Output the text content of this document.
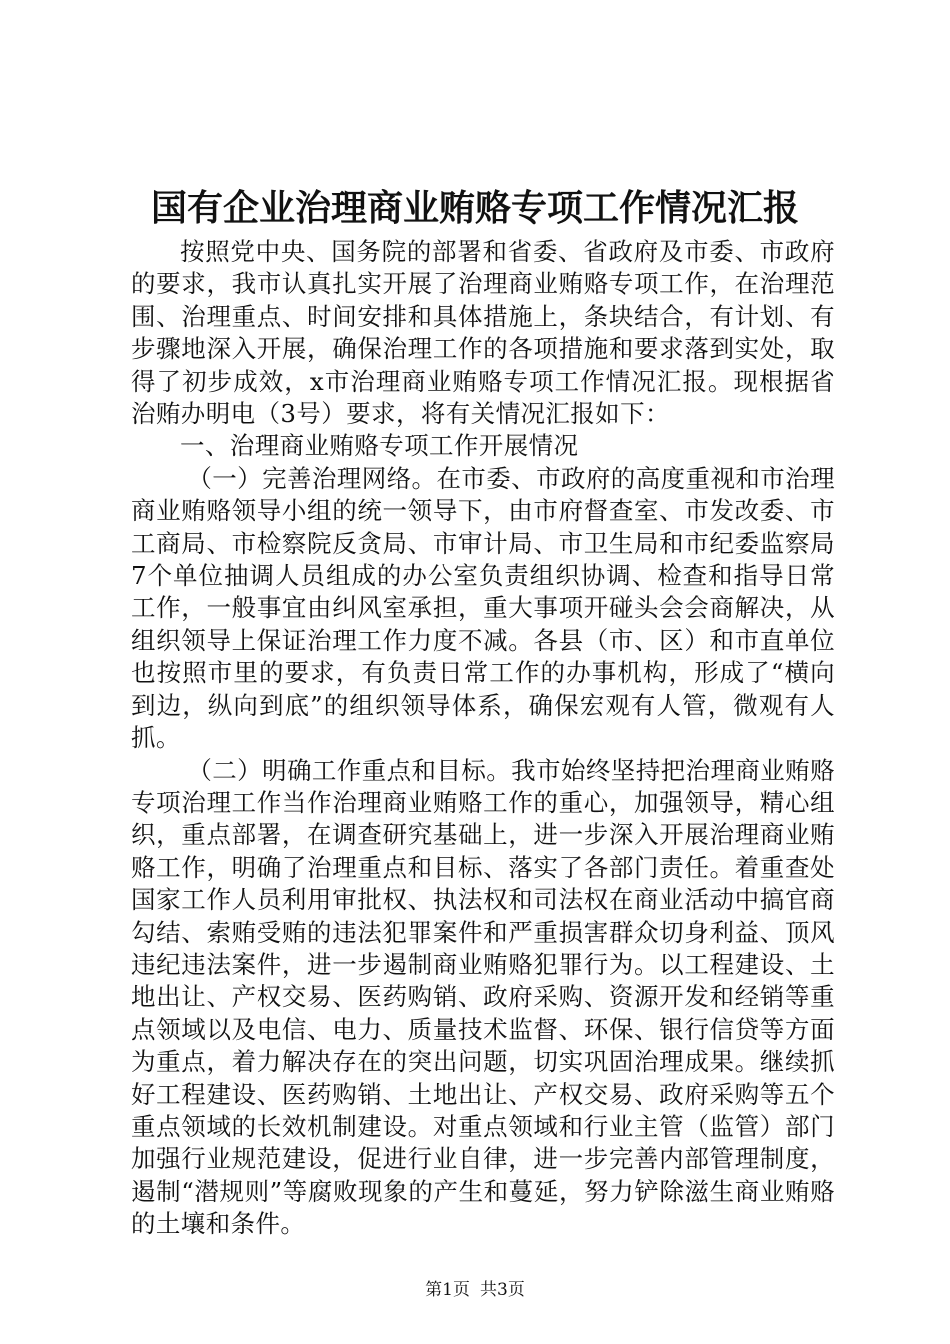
国有企业治理商业贿赂专项工作情况汇报

按照党中央、国务院的部署和省委、省政府及市委、市政府的要求，我市认真扎实开展了治理商业贿赂专项工作，在治理范围、治理重点、时间安排和具体措施上，条块结合，有计划、有步骤地深入开展，确保治理工作的各项措施和要求落到实处，取得了初步成效，x市治理商业贿赂专项工作情况汇报。现根据省治贿办明电（3号）要求，将有关情况汇报如下：

一、治理商业贿赂专项工作开展情况

（一）完善治理网络。在市委、市政府的高度重视和市治理商业贿赂领导小组的统一领导下，由市府督查室、市发改委、市工商局、市检察院反贪局、市审计局、市卫生局和市纪委监察局7个单位抽调人员组成的办公室负责组织协调、检查和指导日常工作，一般事宜由纠风室承担，重大事项开碰头会会商解决，从组织领导上保证治理工作力度不减。各县（市、区）和市直单位也按照市里的要求，有负责日常工作的办事机构，形成了“横向到边，纵向到底”的组织领导体系，确保宏观有人管，微观有人抓。

（二）明确工作重点和目标。我市始终坚持把治理商业贿赂专项治理工作当作治理商业贿赂工作的重心，加强领导，精心组织，重点部署，在调查研究基础上，进一步深入开展治理商业贿赂工作，明确了治理重点和目标、落实了各部门责任。着重查处国家工作人员利用审批权、执法权和司法权在商业活动中搞官商勾结、索贿受贿的违法犯罪案件和严重损害群众切身利益、顶风违纪违法案件，进一步遏制商业贿赂犯罪行为。以工程建设、土地出让、产权交易、医药购销、政府采购、资源开发和经销等重点领域以及电信、电力、质量技术监督、环保、银行信贷等方面为重点，着力解决存在的突出问题，切实巩固治理成果。继续抓好工程建设、医药购销、土地出让、产权交易、政府采购等五个重点领域的长效机制建设。对重点领域和行业主管（监管）部门加强行业规范建设，促进行业自律，进一步完善内部管理制度，遏制“潜规则”等腐败现象的产生和蔓延，努力铲除滋生商业贿赂的土壤和条件。

第1页 共3页
